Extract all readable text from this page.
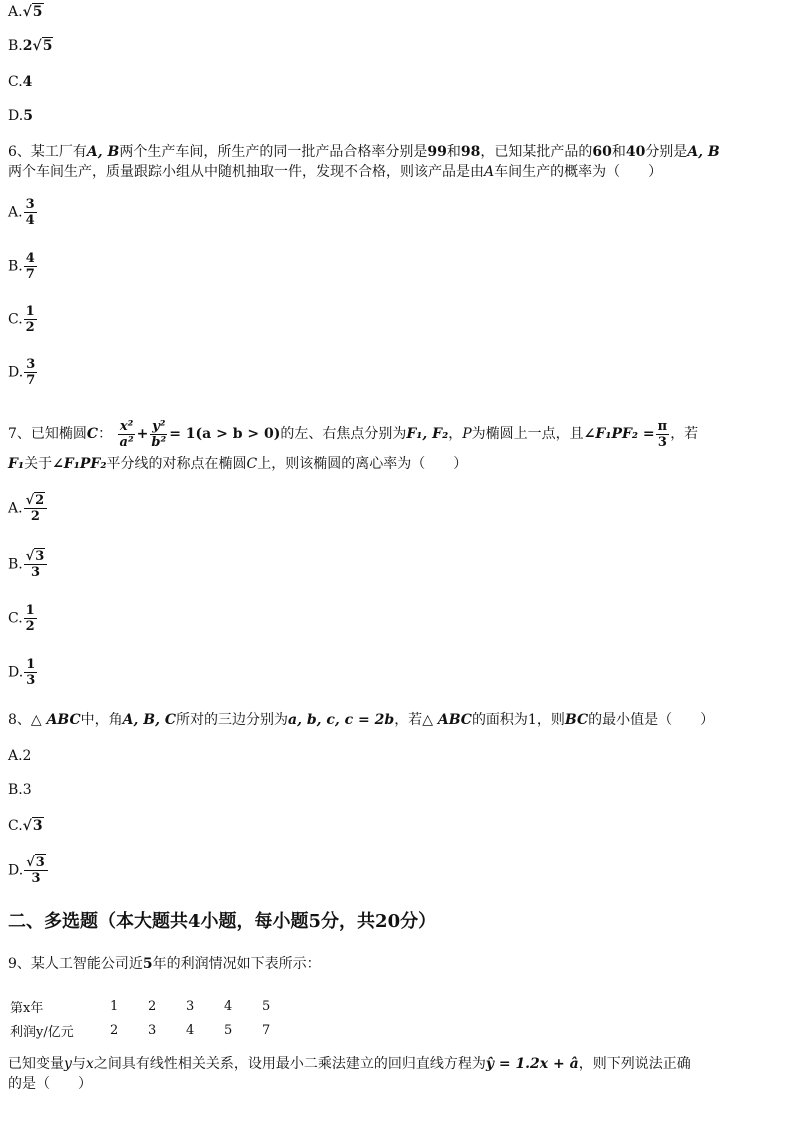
A. √ 5
B.2 √ 5
C.4
D.5
6、某工厂有A, B两个生产车间，所生产的同一批产品合格率分别是99和98，已知某批产品的60和40分别是A, B
两个车间生产，质量跟踪小组从中随机抽取一件，发现不合格，则该产品是由A车间生产的概率为（　　）
A. $\frac{3}{4}$
B. $\frac{4}{7}$
C. $\frac{1}{2}$
D. $\frac{3}{7}$
7、已知椭圆C： $\frac{\text{x²}}{\text{a²}} + \frac{\text{y²}}{\text{b²}} = 1(a > b > 0)$的左、右焦点分别为F₁, F₂，P为椭圆上一点，且∠F₁PF₂ = $\frac{\pi}{3}$ ，若
F₁关于∠F₁PF₂平分线的对称点在椭圆C上，则该椭圆的离心率为（　　）
A. √ $\frac{2}{2}$
B. √ $\frac{3}{3}$
C. $\frac{1}{2}$
D. $\frac{1}{3}$
8、△ ABC中，角A, B, C所对的三边分别为a, b, c, c = 2b，若△ ABC的面积为1，则BC的最小值是（　　）
A.2
B.3
C. √ 3
D. √ $\frac{3}{3}$
二、多选题（本大题共4小题，每小题5分，共20分）
9、某人工智能公司近5年的利润情况如下表所示：
第x年	1	2	3	4	5
利润y/亿元	2	3	4	5	7
已知变量y与x之间具有线性相关关系，设用最小二乘法建立的回归直线方程为ŷ = 1.2x + â，则下列说法正确
的是（　　）
